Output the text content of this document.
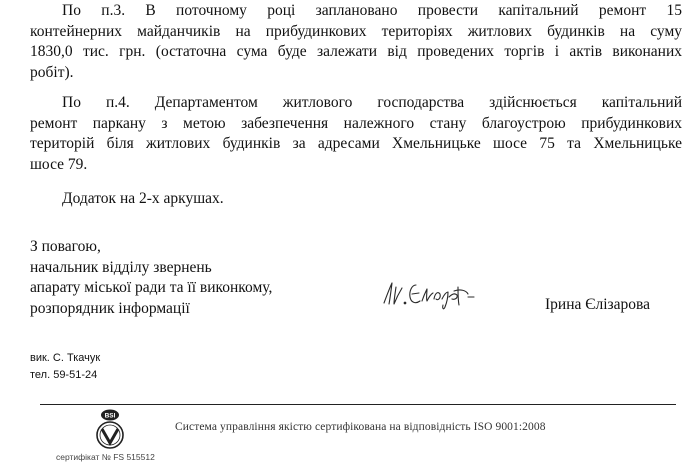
По п.3. В поточному році заплановано провести капітальний ремонт 15
контейнерних майданчиків на прибудинкових територіях житлових будинків на суму
1830,0 тис. грн. (остаточна сума буде залежати від проведених торгів і актів виконаних
робіт).

По п.4. Департаментом житлового господарства здійснюється капітальний
ремонт паркану з метою забезпечення належного стану благоустрою прибудинкових
територій біля житлових будинків за адресами Хмельницьке шосе 75 та Хмельницьке
шосе 79.

Додаток на 2-х аркушах.
З повагою,
начальник відділу звернень
апарату міської ради та її виконкому,
розпорядник інформації	Ірина Єлізарова
вик. С. Ткачук
тел. 59-51-24
BSI
Система управління якістю сертифікована на відповідність ISO 9001:2008
сертифікат № FS 515512
